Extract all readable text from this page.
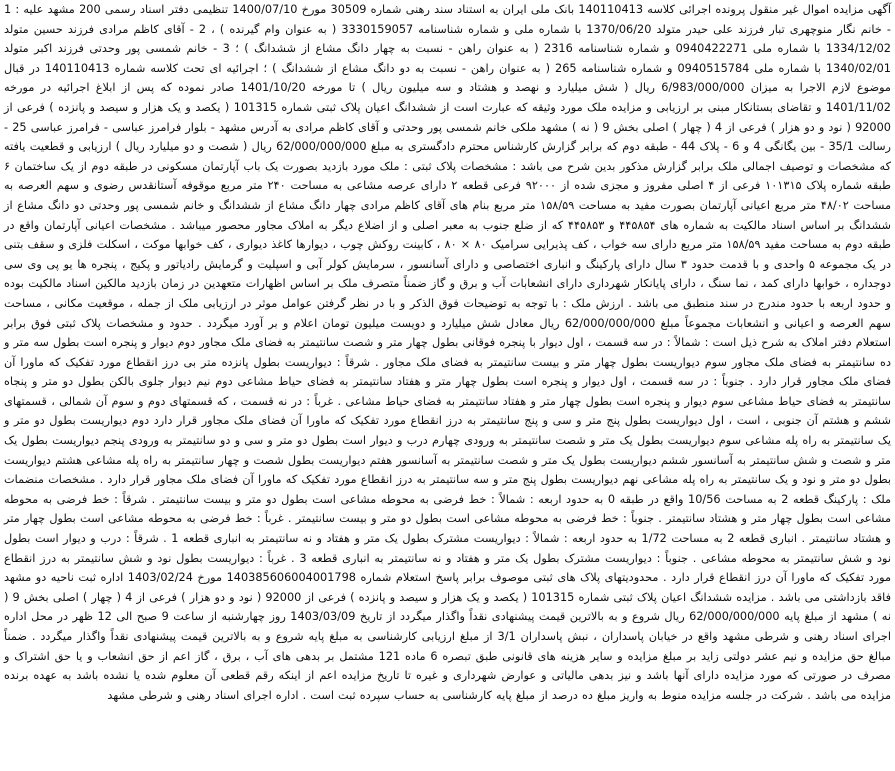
آگهی مزایده اموال غیر منقول پرونده اجرائی کلاسه 140110413 بانک ملی ایران به استناد سند رهنی شماره 30509 مورخ 1400/07/10 تنظیمی دفتر اسناد رسمی 200 مشهد علیه : 1 - خانم نگار منوچهری تبار فرزند علی حیدر متولد 1370/06/20 با شماره ملی و شماره شناسنامه 3330159057 ( به عنوان وام گیرنده ) ، 2 - آقای کاظم مرادی فرزند حسین متولد 1334/12/02 با شماره ملی 0940422271 و شماره شناسنامه 2316 ( به عنوان راهن - نسبت به چهار دانگ مشاع از ششدانگ ) ؛ 3 - خانم شمسی پور وحدتی فرزند اکبر متولد 1340/02/01 با شماره ملی 0940515784 و شماره شناسنامه 265 ( به عنوان راهن - نسبت به دو دانگ مشاع از ششدانگ ) ؛ اجرائیه ای تحت کلاسه شماره 140110413 در قبال موضوع لازم الاجرا به میزان 6/983/000/000 ریال ( شش میلیارد و نهصد و هشتاد و سه میلیون ریال ) تا مورخه 1401/10/20 صادر نموده که پس از ابلاغ اجرائیه در مورخه 1401/11/02 و تقاضای بستانکار مبنی بر ارزیابی و مزایده ملک مورد وثیقه که عبارت است از ششدانگ اعیان پلاک ثبتی شماره 101315 ( یکصد و یک هزار و سیصد و پانزده ) فرعی از 92000 ( نود و دو هزار ) فرعی از 4 ( چهار ) اصلی بخش 9 ( نه ) مشهد ملکی خانم شمسی پور وحدتی و آقای کاظم مرادی به آدرس مشهد - بلوار فرامرز عباسی - فرامرز عباسی 25 - رسالت 35/1 - بین یگانگی 4 و 6 - پلاک 44 - طبقه دوم که برابر گزارش کارشناس محترم دادگستری به مبلغ 62/000/000/000 ریال ( شصت و دو میلیارد ریال ) ارزیابی و قطعیت یافته که مشخصات و توصیف اجمالی ملک برابر گزارش مذکور بدین شرح می باشد : مشخصات پلاک ثبتی : ملک مورد بازدید بصورت یک باب آپارتمان مسکونی در طبقه دوم از یک ساختمان ۶ طبقه شماره پلاک ۱۰۱۳۱۵ فرعی از ۴ اصلی مفروز و مجزی شده از ۹۲۰۰۰ فرعی قطعه ۲ دارای عرصه مشاعی به مساحت ۲۴۰ متر مربع موقوفه آستانقدس رضوی و سهم العرصه به مساحت ۴۸/۰۲ متر مربع اعیانی آپارتمان بصورت مفید به مساحت ۱۵۸/۵۹ متر مربع بنام های آقای کاظم مرادی چهار دانگ مشاع از ششدانگ و خانم شمسی پور وحدتی دو دانگ مشاع از ششدانگ بر اساس اسناد مالکیت به شماره های ۴۴۵۸۵۴ و ۴۴۵۸۵۳ که از ضلع جنوب به معبر اصلی و از اضلاع دیگر به املاک مجاور محصور میباشد . مشخصات اعیانی آپارتمان واقع در طبقه دوم به مساحت مفید ۱۵۸/۵۹ متر مربع دارای سه خواب ، کف پذیرایی سرامیک ۸۰ × ۸۰ ، کابینت روکش چوب ، دیوارها کاغذ دیواری ، کف خوابها موکت ، اسکلت فلزی و سقف بتنی در یک مجموعه ۵ واحدی و با قدمت حدود ۳ سال دارای پارکینگ و انباری اختصاصی و دارای آسانسور ، سرمایش کولر آبی و اسپلیت و گرمایش رادیاتور و پکیج ، پنجره ها یو پی وی سی دوجداره ، خوابها دارای کمد ، نما سنگ ، دارای پایانکار شهرداری دارای انشعابات آب و برق و گاز ضمناً متصرف ملک بر اساس اظهارات متعهدین در زمان بازدید مالکین اسناد مالکیت بوده و حدود اربعه با حدود مندرج در سند منطبق می باشد . ارزش ملک : با توجه به توضیحات فوق الذکر و با در نظر گرفتن عوامل موثر در ارزیابی ملک از جمله ، موقعیت مکانی ، مساحت سهم العرصه و اعیانی و انشعابات مجموعاً مبلغ 62/000/000/000 ریال معادل شش میلیارد و دویست میلیون تومان اعلام و بر آورد میگردد . حدود و مشخصات پلاک ثبتی فوق برابر استعلام دفتر املاک به شرح ذیل است : شمالاً : در سه قسمت ، اول دیوار با پنجره فوقانی بطول چهار متر و شصت سانتیمتر به فضای ملک مجاور دوم دیوار و پنجره است بطول سه متر و ده سانتیمتر به فضای ملک مجاور سوم دیواریست بطول چهار متر و بیست سانتیمتر به فضای ملک مجاور . شرقاً : دیواریست بطول پانزده متر بی درز انقطاع مورد تفکیک که ماورا آن فضای ملک مجاور قرار دارد . جنوباً : در سه قسمت ، اول دیوار و پنجره است بطول چهار متر و هفتاد سانتیمتر به فضای حیاط مشاعی دوم نیم دیوار جلوی بالکن بطول دو متر و پنجاه سانتیمتر به فضای حیاط مشاعی سوم دیوار و پنجره است بطول چهار متر و هفتاد سانتیمتر به فضای حیاط مشاعی . غرباً : در نه قسمت ، که قسمتهای دوم و سوم آن شمالی ، قسمتهای ششم و هشتم آن جنوبی ، است ، اول دیواریست بطول پنج متر و سی و پنج سانتیمتر به درز انقطاع مورد تفکیک که ماورا آن فضای ملک مجاور قرار دارد دوم دیواریست بطول دو متر و یک سانتیمتر به راه پله مشاعی سوم دیواریست بطول یک متر و شصت سانتیمتر به ورودی چهارم درب و دیوار است بطول دو متر و سی و دو سانتیمتر به ورودی پنجم دیواریست بطول یک متر و شصت و شش سانتیمتر به آسانسور ششم دیواریست بطول یک متر و شصت سانتیمتر به آسانسور هفتم دیواریست بطول شصت و چهار سانتیمتر به راه پله مشاعی هشتم دیواریست بطول دو متر و نود و یک سانتیمتر به راه پله مشاعی نهم دیواریست بطول پنج متر و سه سانتیمتر به درز انقطاع مورد تفکیک که ماورا آن فضای ملک مجاور قرار دارد . مشخصات منضمات ملک : پارکینگ قطعه 2 به مساحت 10/56 واقع در طبقه 0 به حدود اربعه : شمالاً : خط فرضی به محوطه مشاعی است بطول دو متر و بیست سانتیمتر . شرقاً : خط فرضی به محوطه مشاعی است بطول چهار متر و هشتاد سانتیمتر . جنوباً : خط فرضی به محوطه مشاعی است بطول دو متر و بیست سانتیمتر . غرباً : خط فرضی به محوطه مشاعی است بطول چهار متر و هشتاد سانتیمتر . انباری قطعه 2 به مساحت 1/72 به حدود اربعه : شمالاً : دیواریست مشترک بطول یک متر و هفتاد و نه سانتیمتر به انباری قطعه 1 . شرقاً : درب و دیوار است بطول نود و شش سانتیمتر به محوطه مشاعی . جنوباً : دیواریست مشترک بطول یک متر و هفتاد و نه سانتیمتر به انباری قطعه 3 . غرباً : دیواریست بطول نود و شش سانتیمتر به درز انقطاع مورد تفکیک که ماورا آن درز انقطاع قرار دارد . محدودیتهای پلاک های ثبتی موصوف برابر پاسخ استعلام شماره 140385606004001798 مورخ 1403/02/24 اداره ثبت ناحیه دو مشهد فاقد بازداشتی می باشد . مزایده ششدانگ اعیان پلاک ثبتی شماره 101315 ( یکصد و یک هزار و سیصد و پانزده ) فرعی از 92000 ( نود و دو هزار ) فرعی از 4 ( چهار ) اصلی بخش 9 ( نه ) مشهد از مبلغ پایه 62/000/000/000 ریال شروع و به بالاترین قیمت پیشنهادی نقداً واگذار میگردد از تاریخ 1403/03/09 روز چهارشنبه از ساعت 9 صبح الی 12 ظهر در محل اداره اجرای اسناد رهنی و شرطی مشهد واقع در خیابان پاسداران ، نبش پاسداران 3/1 از مبلغ ارزیابی کارشناسی به مبلغ پایه شروع و به بالاترین قیمت پیشنهادی نقداً واگذار میگردد . ضمناً مبالغ حق مزایده و نیم عشر دولتی زاید بر مبلغ مزایده و سایر هزینه های قانونی طبق تبصره 6 ماده 121 مشتمل بر بدهی های آب ، برق ، گاز اعم از حق انشعاب و یا حق اشتراک و مصرف در صورتی که مورد مزایده دارای آنها باشد و نیز بدهی مالیاتی و عوارض شهرداری و غیره تا تاریخ مزایده اعم از اینکه رقم قطعی آن معلوم شده یا نشده باشد به عهده برنده مزایده می باشد . شرکت در جلسه مزایده منوط به واریز مبلغ ده درصد از مبلغ پایه کارشناسی به حساب سپرده ثبت است . اداره اجرای اسناد رهنی و شرطی مشهد
